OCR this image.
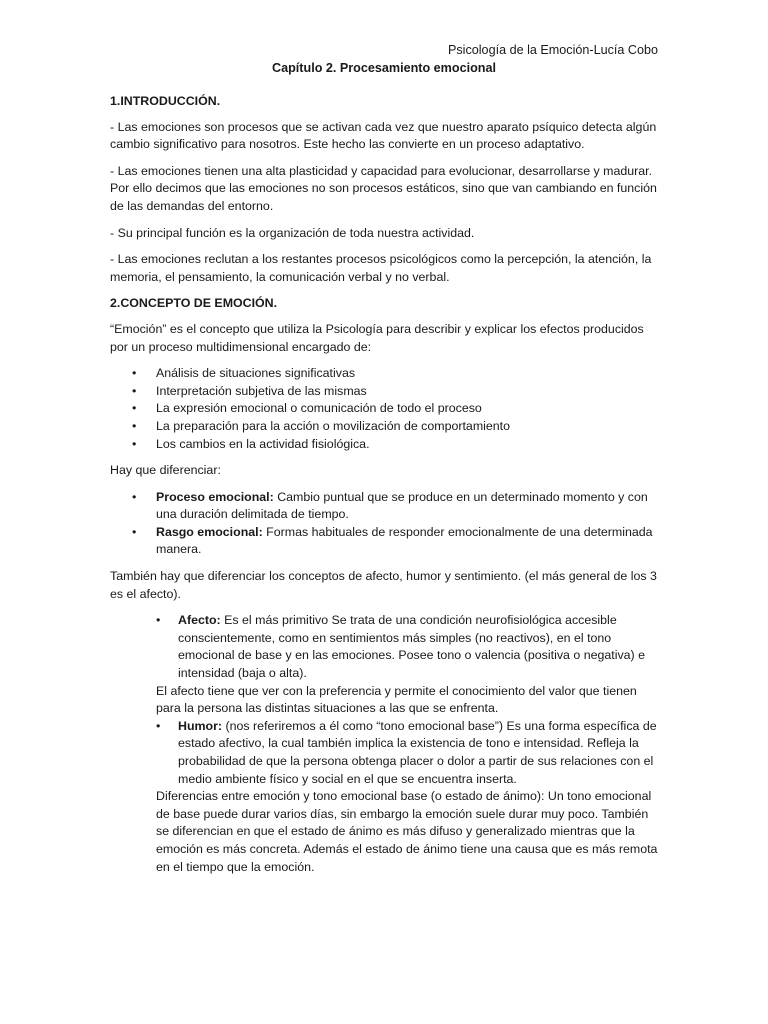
Psicología de la Emoción-Lucía Cobo
Capítulo 2. Procesamiento emocional
1.INTRODUCCIÓN.

- Las emociones son procesos que se activan cada vez que nuestro aparato psíquico detecta algún cambio significativo para nosotros. Este hecho las convierte en un proceso adaptativo.

- Las emociones tienen una alta plasticidad y capacidad para evolucionar, desarrollarse y madurar. Por ello decimos que las emociones no son procesos estáticos, sino que van cambiando en función de las demandas del entorno.

- Su principal función es la organización de toda nuestra actividad.

- Las emociones reclutan a los restantes procesos psicológicos como la percepción, la atención, la memoria, el pensamiento, la comunicación verbal y no verbal.

2.CONCEPTO DE EMOCIÓN.

“Emoción” es el concepto que utiliza la Psicología para describir y explicar los efectos producidos por un proceso multidimensional encargado de:

• Análisis de situaciones significativas
• Interpretación subjetiva de las mismas
• La expresión emocional o comunicación de todo el proceso
• La preparación para la acción o movilización de comportamiento
• Los cambios en la actividad fisiológica.

Hay que diferenciar:

• Proceso emocional: Cambio puntual que se produce en un determinado momento y con una duración delimitada de tiempo.
• Rasgo emocional: Formas habituales de responder emocionalmente de una determinada manera.

También hay que diferenciar los conceptos de afecto, humor y sentimiento. (el más general de los 3 es el afecto).

• Afecto: Es el más primitivo Se trata de una condición neurofisiológica accesible conscientemente, como en sentimientos más simples (no reactivos), en el tono emocional de base y en las emociones. Posee tono o valencia (positiva o negativa) e intensidad (baja o alta).

El afecto tiene que ver con la preferencia y permite el conocimiento del valor que tienen para la persona las distintas situaciones a las que se enfrenta.

• Humor: (nos referiremos a él como “tono emocional base”) Es una forma específica de estado afectivo, la cual también implica la existencia de tono e intensidad. Refleja la probabilidad de que la persona obtenga placer o dolor a partir de sus relaciones con el medio ambiente físico y social en el que se encuentra inserta.

Diferencias entre emoción y tono emocional base (o estado de ánimo): Un tono emocional de base puede durar varios días, sin embargo la emoción suele durar muy poco. También se diferencian en que el estado de ánimo es más difuso y generalizado mientras que la emoción es más concreta. Además el estado de ánimo tiene una causa que es más remota en el tiempo que la emoción.
